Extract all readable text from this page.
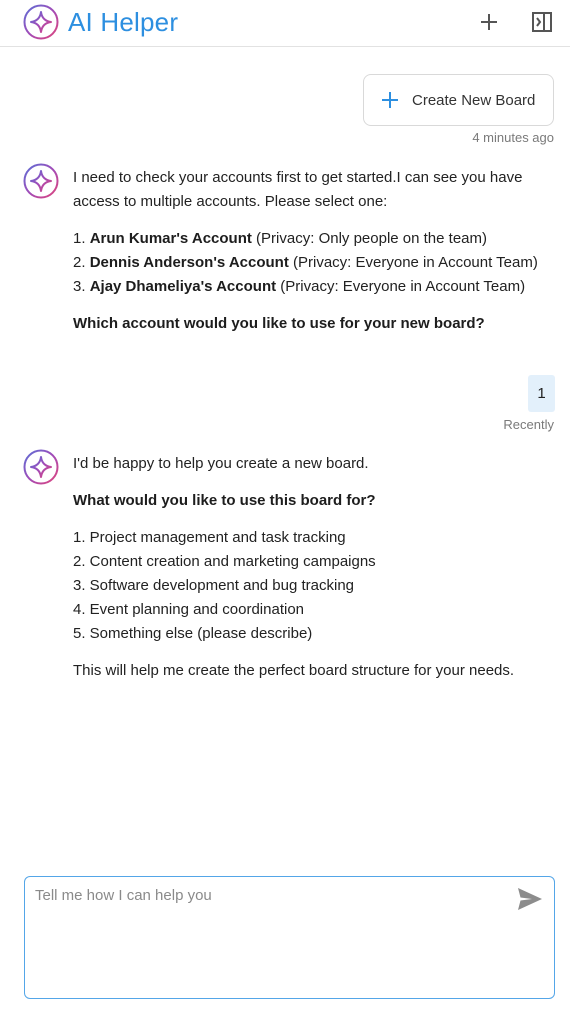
AI Helper
Create New Board
4 minutes ago

I need to check your accounts first to get started.I can see you have access to multiple accounts. Please select one:

1. Arun Kumar's Account (Privacy: Only people on the team)
2. Dennis Anderson's Account (Privacy: Everyone in Account Team)
3. Ajay Dhameliya's Account (Privacy: Everyone in Account Team)

Which account would you like to use for your new board?

1
Recently

I'd be happy to help you create a new board.

What would you like to use this board for?

1. Project management and task tracking
2. Content creation and marketing campaigns
3. Software development and bug tracking
4. Event planning and coordination
5. Something else (please describe)

This will help me create the perfect board structure for your needs.

Tell me how I can help you
